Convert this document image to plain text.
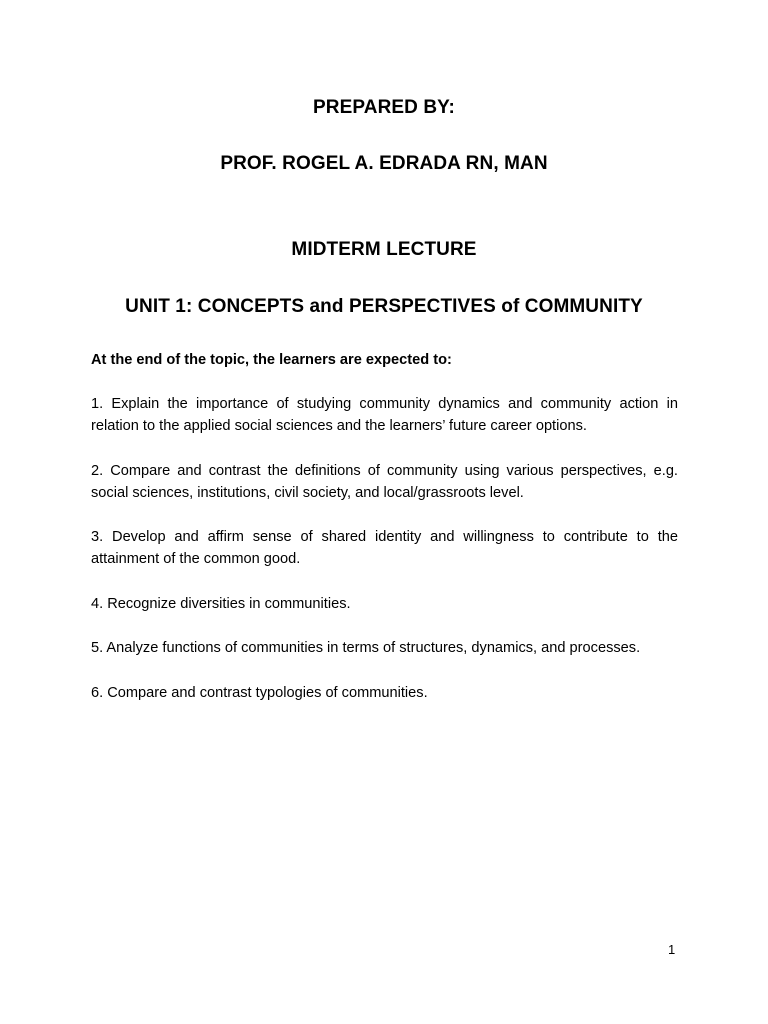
PREPARED BY:
PROF. ROGEL A. EDRADA RN, MAN
MIDTERM LECTURE
UNIT 1: CONCEPTS and PERSPECTIVES of COMMUNITY
At the end of the topic, the learners are expected to:
1. Explain the importance of studying community dynamics and community action in relation to the applied social sciences and the learners’ future career options.
2. Compare and contrast the definitions of community using various perspectives, e.g. social sciences, institutions, civil society, and local/grassroots level.
3. Develop and affirm sense of shared identity and willingness to contribute to the attainment of the common good.
4. Recognize diversities in communities.
5. Analyze functions of communities in terms of structures, dynamics, and processes.
6. Compare and contrast typologies of communities.
1
